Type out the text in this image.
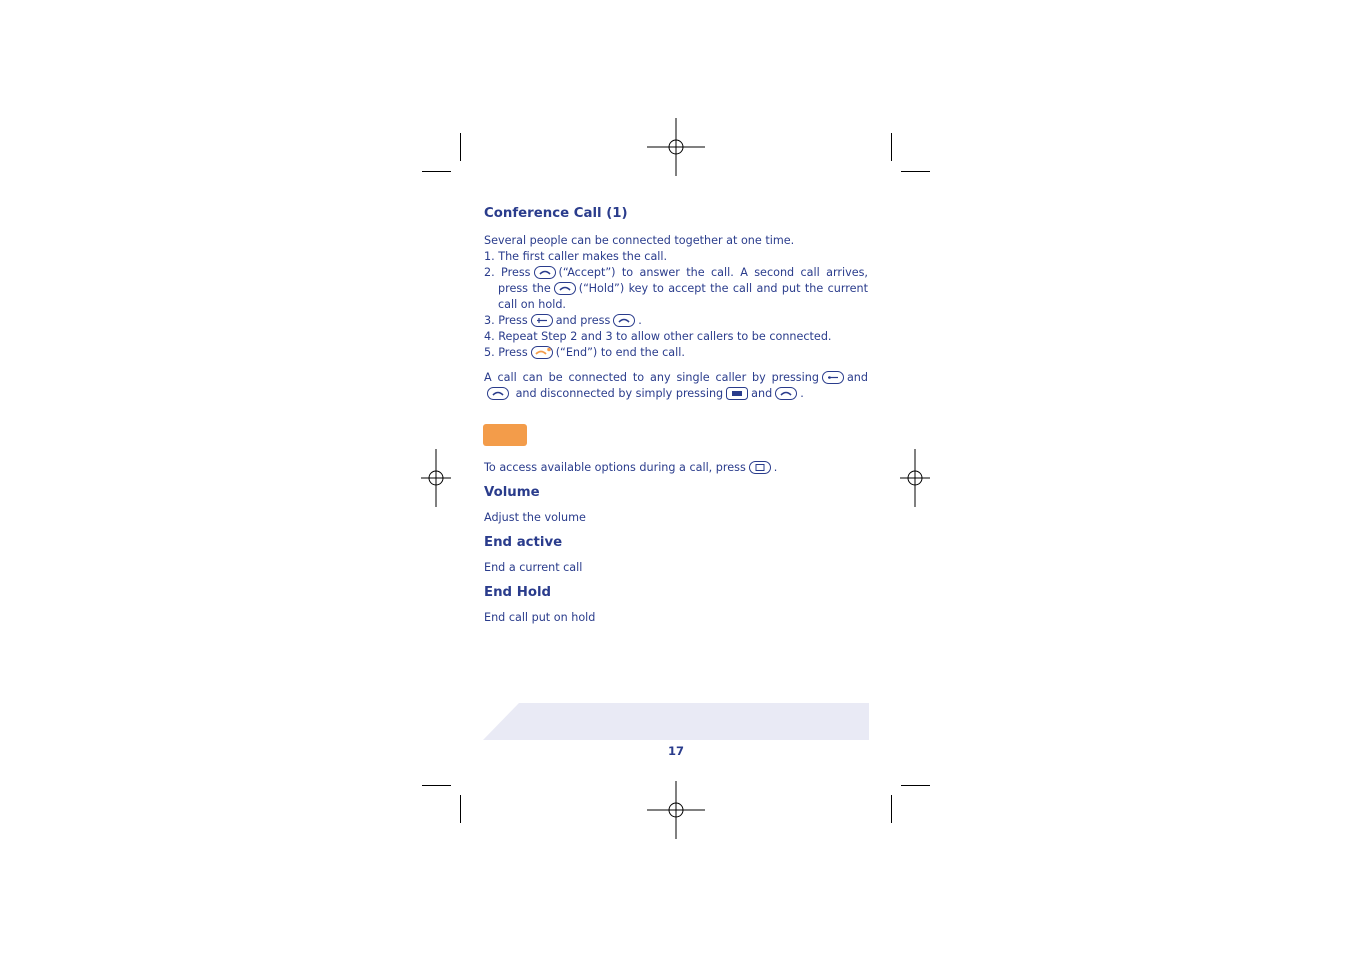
Conference Call (1)

Several people can be connected together at one time.

1. The first caller makes the call.

2. Press	(“Accept”) to answer the call. A second call arrives, press the	(“Hold”) key to accept the call and put the current call on hold.

3. Press	and press	.

4. Repeat Step 2 and 3 to allow other callers to be connected.

5. Press	(“End”) to end the call.

A call can be connected to any single caller by pressing	and
and disconnected by simply pressing	and	.

To access available options during a call, press	.

Volume

Adjust the volume

End active

End a current call

End Hold

End call put on hold

17
